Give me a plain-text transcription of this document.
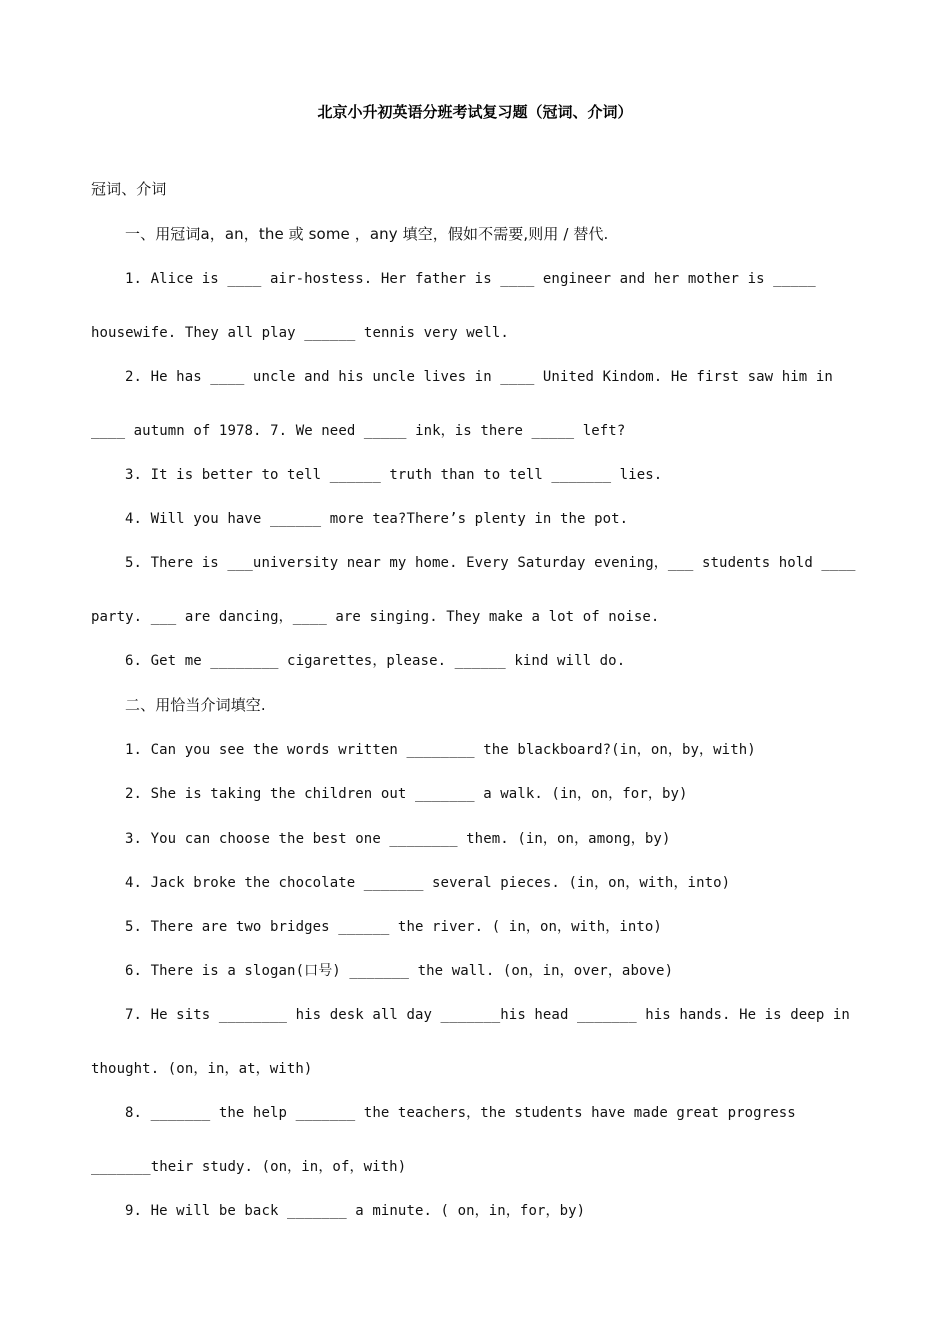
北京小升初英语分班考试复习题（冠词、介词）
冠词、介词
一、用冠词a，an，the 或 some ，any 填空，假如不需要,则用 / 替代.
1. Alice is ____ air-hostess. Her father is ____ engineer and her mother is _____
housewife. They all play ______ tennis very well.
2. He has ____ uncle and his uncle lives in ____ United Kindom. He first saw him in
____ autumn of 1978. 7. We need _____ ink，is there _____ left?
3. It is better to tell ______ truth than to tell _______ lies.
4. Will you have ______ more tea?There’s plenty in the pot.
5. There is ___university near my home. Every Saturday evening，___ students hold ____
party. ___ are dancing，____ are singing. They make a lot of noise.
6. Get me ________ cigarettes，please. ______ kind will do.
二、用恰当介词填空.
1. Can you see the words written ________ the blackboard?(in，on，by，with)
2. She is taking the children out _______ a walk. (in，on，for，by)
3. You can choose the best one ________ them. (in，on，among，by)
4. Jack broke the chocolate _______ several pieces. (in，on，with，into)
5. There are two bridges ______ the river. ( in，on，with，into)
6. There is a slogan(口号) _______ the wall. (on，in，over，above)
7. He sits ________ his desk all day _______his head _______ his hands. He is deep in
thought. (on，in，at，with)
8. _______ the help _______ the teachers，the students have made great progress
_______their study. (on，in，of，with)
9. He will be back _______ a minute. ( on，in，for，by)
